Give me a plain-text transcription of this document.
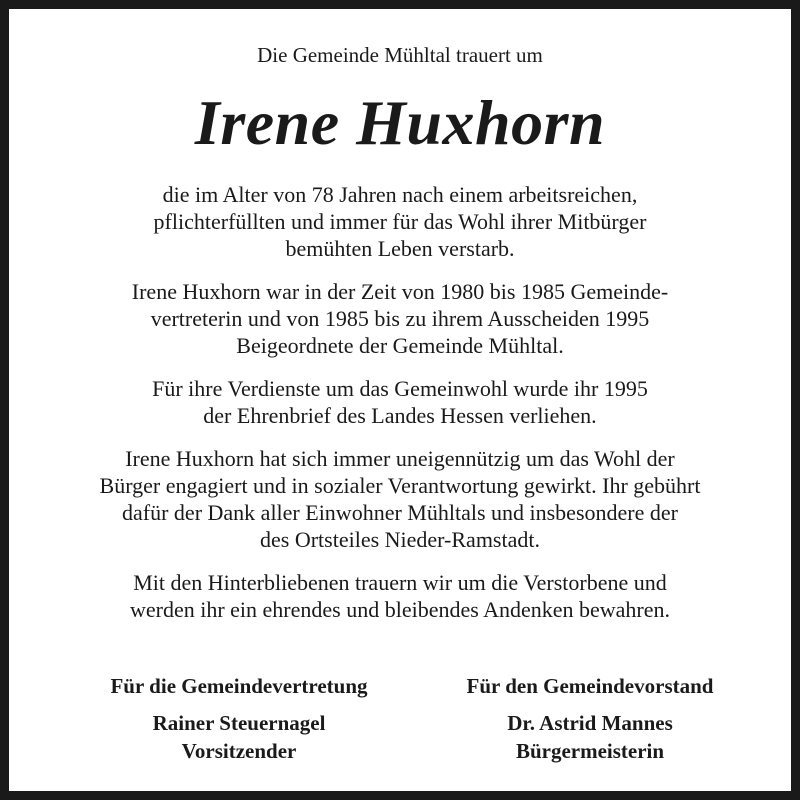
Die Gemeinde Mühltal trauert um
Irene Huxhorn

die im Alter von 78 Jahren nach einem arbeitsreichen,
pflichterfüllten und immer für das Wohl ihrer Mitbürger
bemühten Leben verstarb.

Irene Huxhorn war in der Zeit von 1980 bis 1985 Gemeinde-
vertreterin und von 1985 bis zu ihrem Ausscheiden 1995
Beigeordnete der Gemeinde Mühltal.

Für ihre Verdienste um das Gemeinwohl wurde ihr 1995
der Ehrenbrief des Landes Hessen verliehen.

Irene Huxhorn hat sich immer uneigennützig um das Wohl der
Bürger engagiert und in sozialer Verantwortung gewirkt. Ihr gebührt
dafür der Dank aller Einwohner Mühltals und insbesondere der
des Ortsteiles Nieder-Ramstadt.

Mit den Hinterbliebenen trauern wir um die Verstorbene und
werden ihr ein ehrendes und bleibendes Andenken bewahren.

Für die Gemeindevertretung
Rainer Steuernagel
Vorsitzender
Für den Gemeindevorstand
Dr. Astrid Mannes
Bürgermeisterin
